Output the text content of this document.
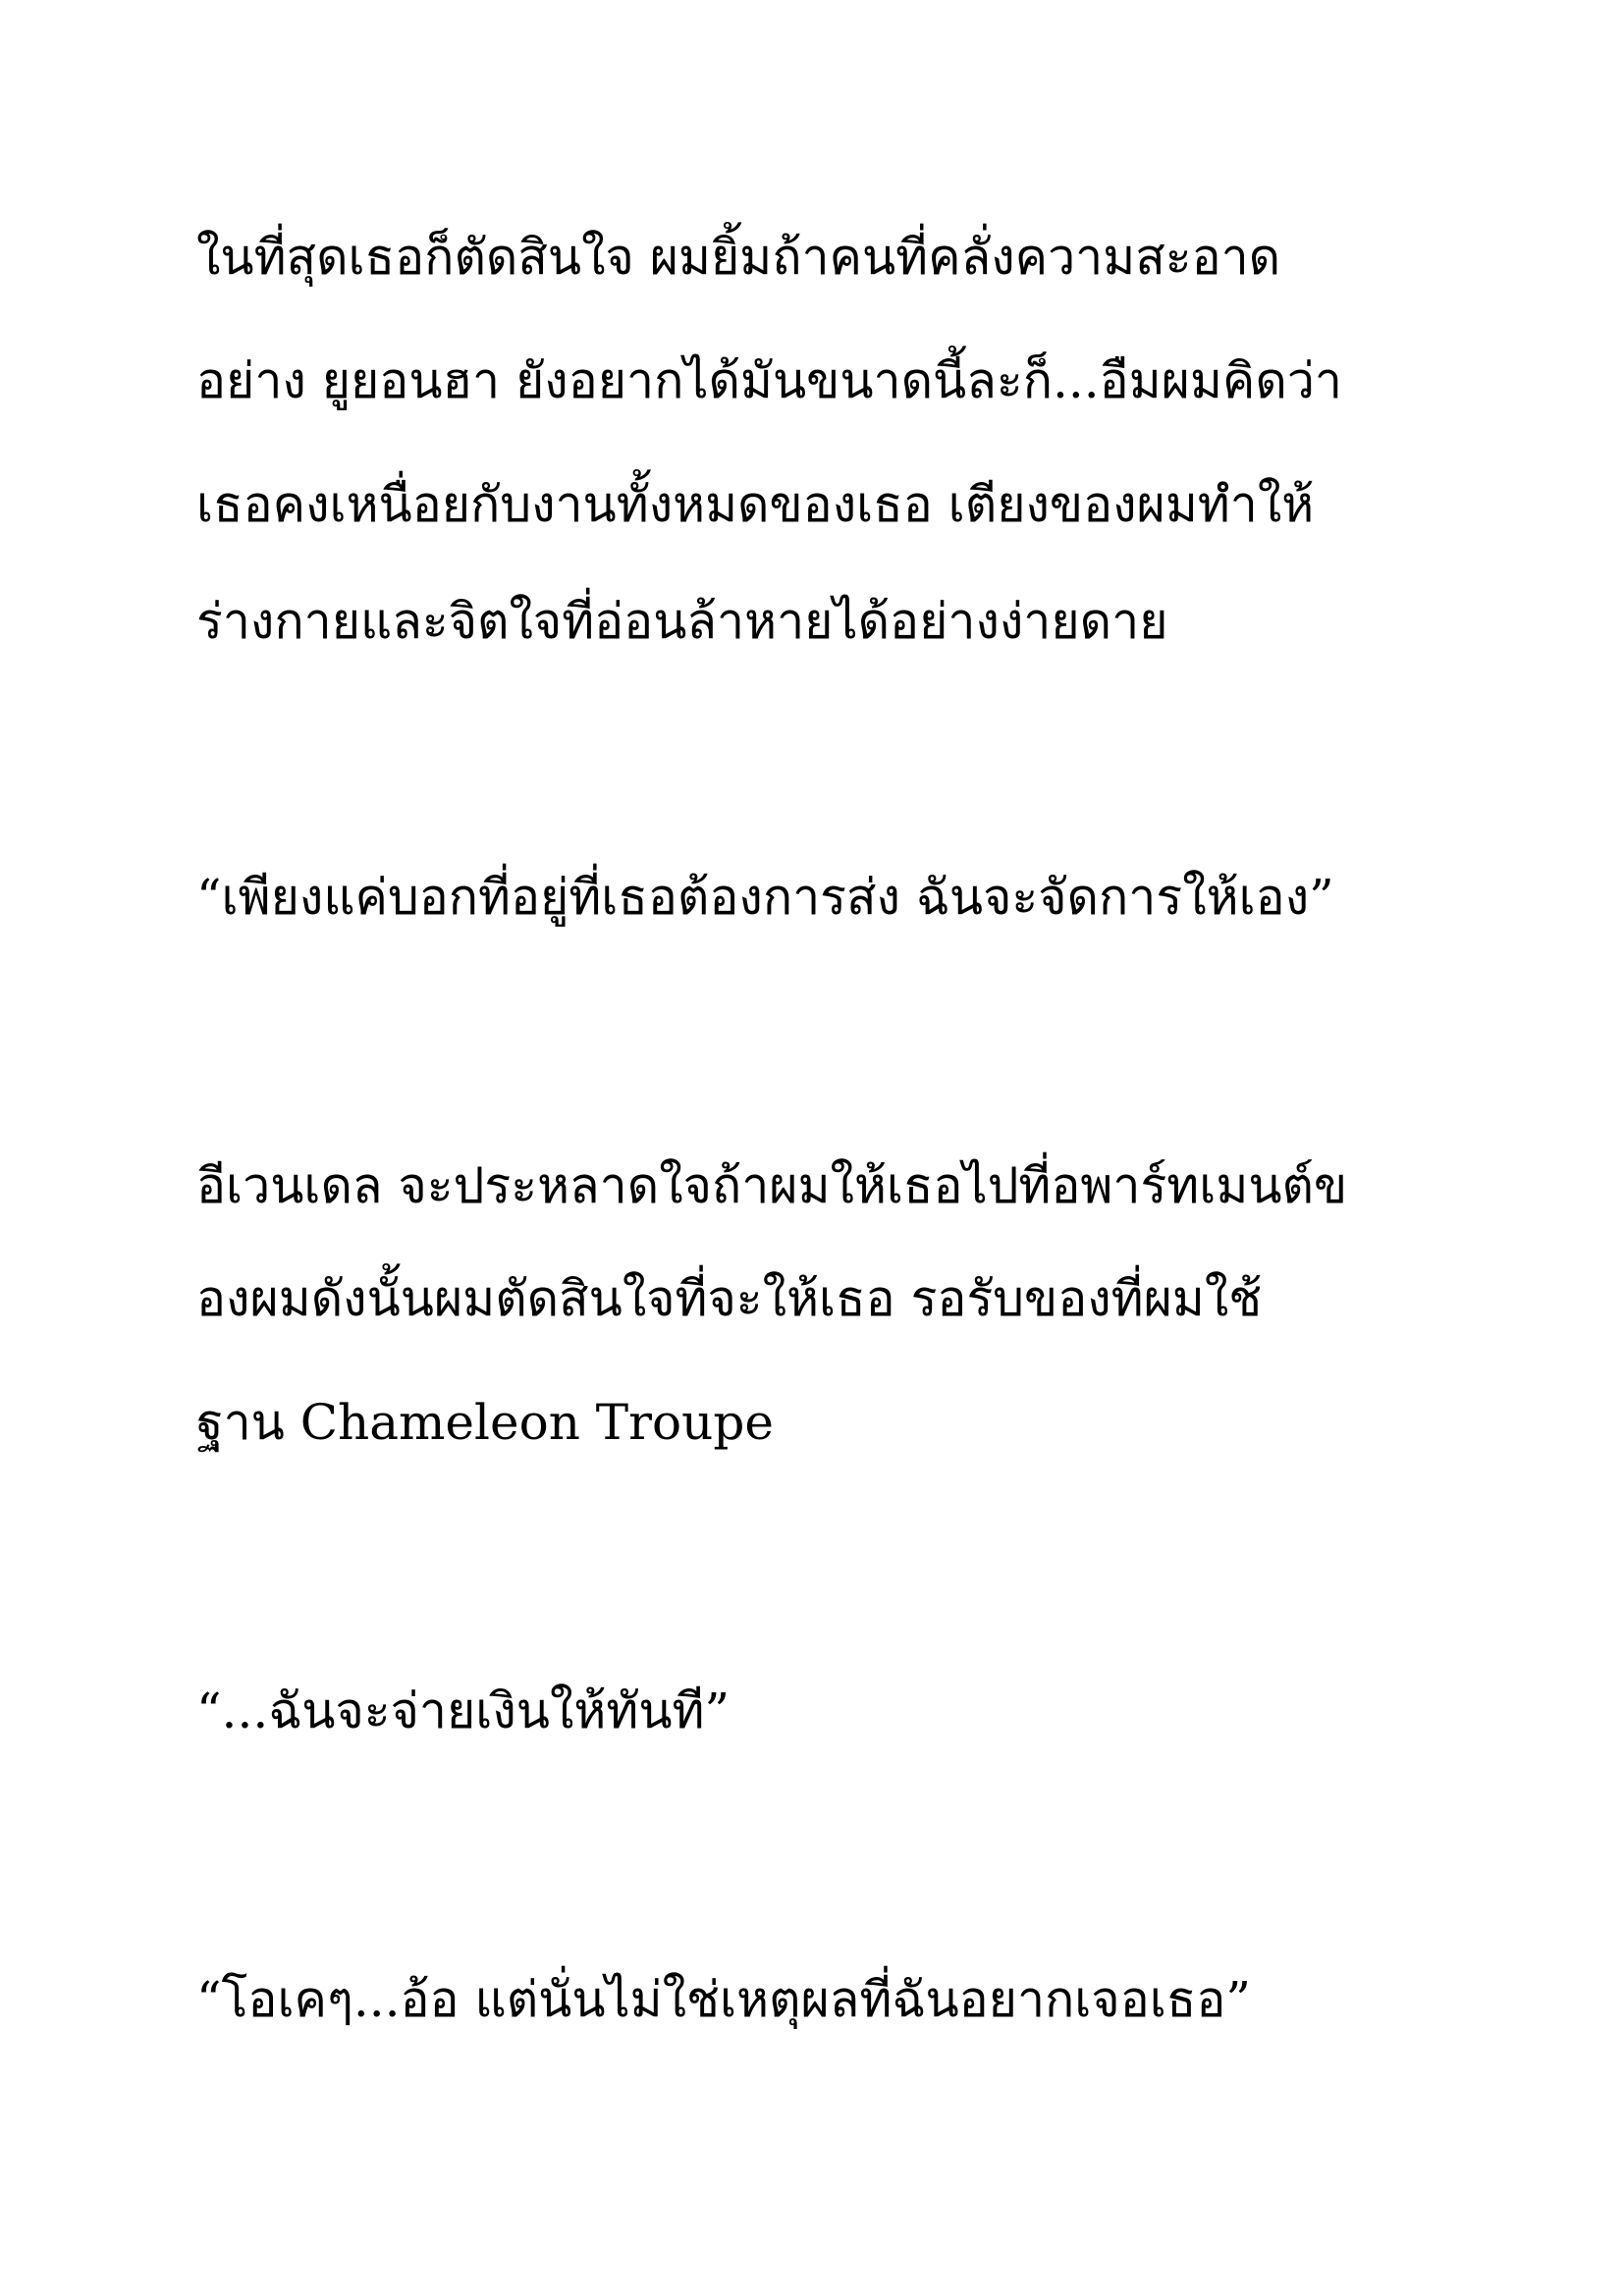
ในที่สุดเธอก็ตัดสินใจ ผมยิ้มถ้าคนที่คลั่งความสะอาด

อย่าง ยูยอนฮา ยังอยากได้มันขนาดนี้ละก็...อืมผมคิดว่า

เธอคงเหนื่อยกับงานทั้งหมดของเธอ เตียงของผมทำให้

ร่างกายและจิตใจที่อ่อนล้าหายได้อย่างง่ายดาย

“เพียงแค่บอกที่อยู่ที่เธอต้องการส่ง ฉันจะจัดการให้เอง”

อีเวนเดล จะประหลาดใจถ้าผมให้เธอไปที่อพาร์ทเมนต์ข

องผมดังนั้นผมตัดสินใจที่จะให้เธอ รอรับของที่ผมใช้

ฐาน Chameleon Troupe

“...ฉันจะจ่ายเงินให้ทันที”

“โอเคๆ...อ้อ แต่นั่นไม่ใช่เหตุผลที่ฉันอยากเจอเธอ”
